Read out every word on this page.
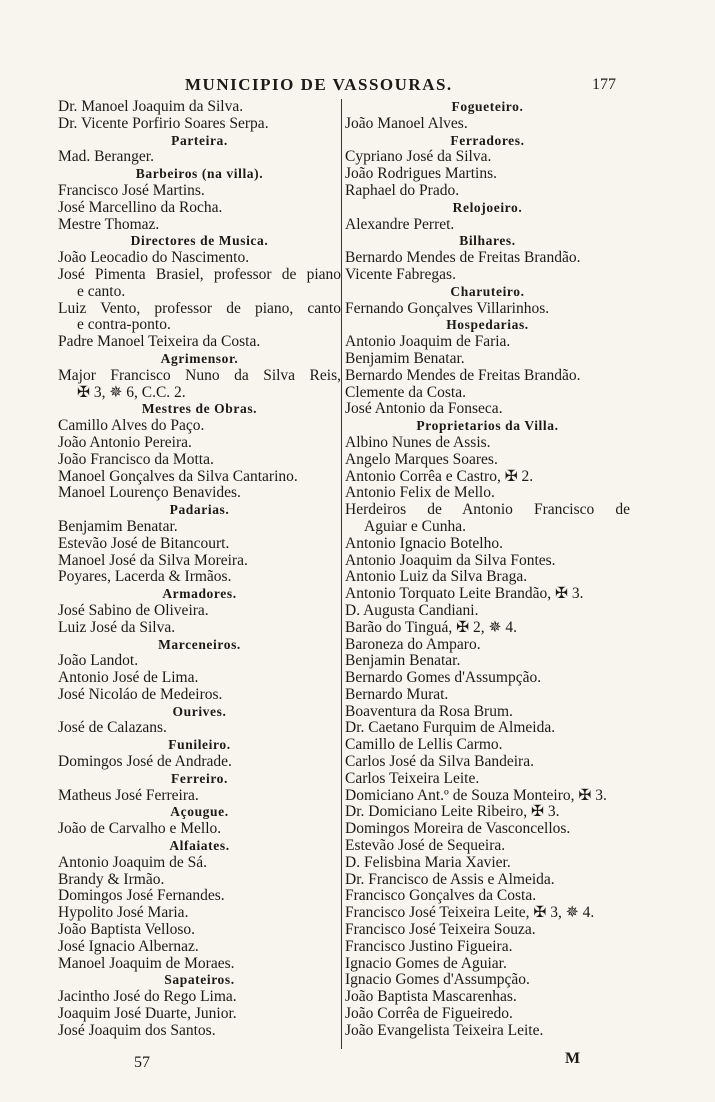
MUNICIPIO DE VASSOURAS.	177
Dr. Manoel Joaquim da Silva.
Dr. Vicente Porfirio Soares Serpa.
Parteira.
Mad. Beranger.
Barbeiros (na villa).
Francisco José Martins.
José Marcellino da Rocha.
Mestre Thomaz.
Directores de Musica.
João Leocadio do Nascimento.
José Pimenta Brasiel, professor de piano
e canto.
Luiz Vento, professor de piano, canto
e contra-ponto.
Padre Manoel Teixeira da Costa.
Agrimensor.
Major Francisco Nuno da Silva Reis,
✠ 3, ✵ 6, C.C. 2.
Mestres de Obras.
Camillo Alves do Paço.
João Antonio Pereira.
João Francisco da Motta.
Manoel Gonçalves da Silva Cantarino.
Manoel Lourenço Benavides.
Padarias.
Benjamim Benatar.
Estevão José de Bitancourt.
Manoel José da Silva Moreira.
Poyares, Lacerda & Irmãos.
Armadores.
José Sabino de Oliveira.
Luiz José da Silva.
Marceneiros.
João Landot.
Antonio José de Lima.
José Nicoláo de Medeiros.
Ourives.
José de Calazans.
Funileiro.
Domingos José de Andrade.
Ferreiro.
Matheus José Ferreira.
Açougue.
João de Carvalho e Mello.
Alfaiates.
Antonio Joaquim de Sá.
Brandy & Irmão.
Domingos José Fernandes.
Hypolito José Maria.
João Baptista Velloso.
José Ignacio Albernaz.
Manoel Joaquim de Moraes.
Sapateiros.
Jacintho José do Rego Lima.
Joaquim José Duarte, Junior.
José Joaquim dos Santos.
Fogueteiro.
João Manoel Alves.
Ferradores.
Cypriano José da Silva.
João Rodrigues Martins.
Raphael do Prado.
Relojoeiro.
Alexandre Perret.
Bilhares.
Bernardo Mendes de Freitas Brandão.
Vicente Fabregas.
Charuteiro.
Fernando Gonçalves Villarinhos.
Hospedarias.
Antonio Joaquim de Faria.
Benjamim Benatar.
Bernardo Mendes de Freitas Brandão.
Clemente da Costa.
José Antonio da Fonseca.
Proprietarios da Villa.
Albino Nunes de Assis.
Angelo Marques Soares.
Antonio Corrêa e Castro, ✠ 2.
Antonio Felix de Mello.
Herdeiros de Antonio Francisco de
Aguiar e Cunha.
Antonio Ignacio Botelho.
Antonio Joaquim da Silva Fontes.
Antonio Luiz da Silva Braga.
Antonio Torquato Leite Brandão, ✠ 3.
D. Augusta Candiani.
Barão do Tinguá, ✠ 2, ✵ 4.
Baroneza do Amparo.
Benjamin Benatar.
Bernardo Gomes d'Assumpção.
Bernardo Murat.
Boaventura da Rosa Brum.
Dr. Caetano Furquim de Almeida.
Camillo de Lellis Carmo.
Carlos José da Silva Bandeira.
Carlos Teixeira Leite.
Domiciano Ant.º de Souza Monteiro, ✠ 3.
Dr. Domiciano Leite Ribeiro, ✠ 3.
Domingos Moreira de Vasconcellos.
Estevão José de Sequeira.
D. Felisbina Maria Xavier.
Dr. Francisco de Assis e Almeida.
Francisco Gonçalves da Costa.
Francisco José Teixeira Leite, ✠ 3, ✵ 4.
Francisco José Teixeira Souza.
Francisco Justino Figueira.
Ignacio Gomes de Aguiar.
Ignacio Gomes d'Assumpção.
João Baptista Mascarenhas.
João Corrêa de Figueiredo.
João Evangelista Teixeira Leite.
57	M
